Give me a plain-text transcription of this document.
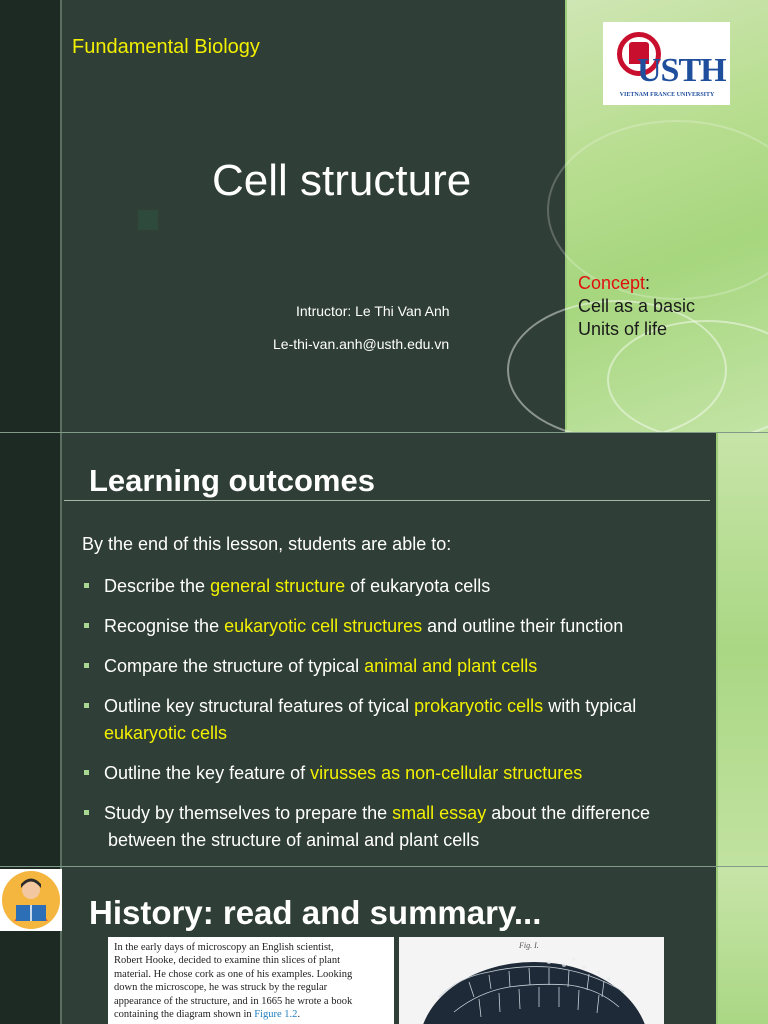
Fundamental Biology
Cell structure
Intructor: Le Thi Van Anh
Le-thi-van.anh@usth.edu.vn
Concept:
Cell as a basic
Units of life
USTH
VIETNAM FRANCE UNIVERSITY
Learning outcomes
By the end of this lesson, students are able to:
Describe the general structure of eukaryota cells
Recognise the eukaryotic cell structures and outline their function
Compare the structure of typical animal and plant cells
Outline key structural features of tyical prokaryotic cells with typical
eukaryotic cells
Outline the key feature of virusses as non-cellular structures
Study by themselves to prepare the small essay about the difference
between the structure of animal and plant cells
History: read and summary...

In the early days of microscopy an English scientist,

Robert Hooke, decided to examine thin slices of plant

material. He chose cork as one of his examples. Looking

down the microscope, he was struck by the regular

appearance of the structure, and in 1665 he wrote a book

containing the diagram shown in Figure 1.2.

Fig. I.
